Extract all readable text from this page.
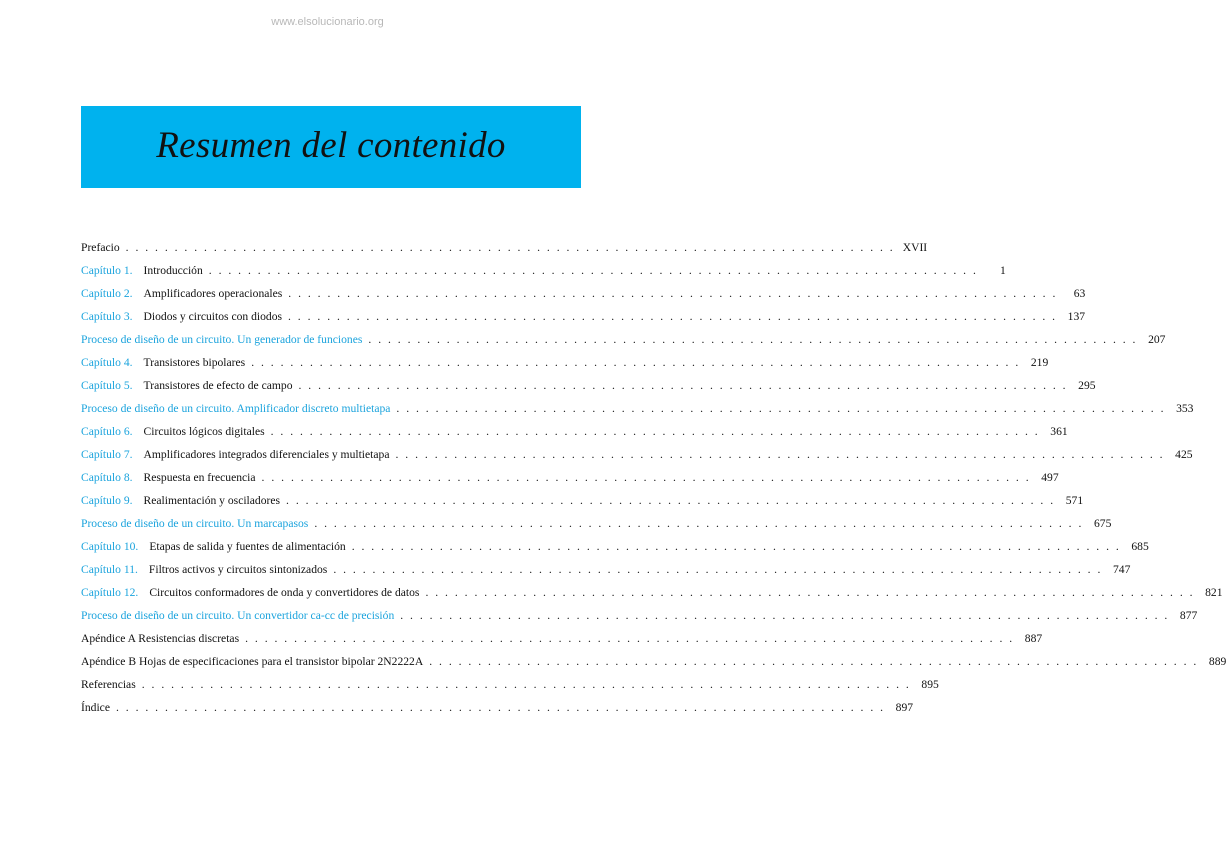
www.elsolucionario.org
Resumen del contenido
Prefacio . . . . . . . . . . . . . . . . . . . . . . . . . . . . . . . . . . . . . . . . . . . . . . . . . . . . . . . . . . . . . . . . . . . . . . . . . . . . . . . XVII
Capítulo 1. Introducción . . . . . . . . . . . . . . . . . . . . . . . . . . . . . . . . . . . . . . . . . . . . . . . . . . . . . . . . . . . . . . . . . . . . . . . . . . . . . . .	1
Capítulo 2. Amplificadores operacionales . . . . . . . . . . . . . . . . . . . . . . . . . . . . . . . . . . . . . . . . . . . . . . . . . . . . . . . . . . . . . . . . . . . . . . . . . . . . . . .	63
Capítulo 3. Diodos y circuitos con diodos . . . . . . . . . . . . . . . . . . . . . . . . . . . . . . . . . . . . . . . . . . . . . . . . . . . . . . . . . . . . . . . . . . . . . . . . . . . . . . . 137
Proceso de diseño de un circuito. Un generador de funciones . . . . . . . . . . . . . . . . . . . . . . . . . . . . . . . . . . . . . . . . . . . . . . . . . . . . . . . . . . . . . . . . . . . . . . . . . . . . . . . 207
Capítulo 4. Transistores bipolares . . . . . . . . . . . . . . . . . . . . . . . . . . . . . . . . . . . . . . . . . . . . . . . . . . . . . . . . . . . . . . . . . . . . . . . . . . . . . . . 219
Capítulo 5. Transistores de efecto de campo . . . . . . . . . . . . . . . . . . . . . . . . . . . . . . . . . . . . . . . . . . . . . . . . . . . . . . . . . . . . . . . . . . . . . . . . . . . . . . . 295
Proceso de diseño de un circuito. Amplificador discreto multietapa . . . . . . . . . . . . . . . . . . . . . . . . . . . . . . . . . . . . . . . . . . . . . . . . . . . . . . . . . . . . . . . . . . . . . . . . . . . . . . . 353
Capítulo 6. Circuitos lógicos digitales . . . . . . . . . . . . . . . . . . . . . . . . . . . . . . . . . . . . . . . . . . . . . . . . . . . . . . . . . . . . . . . . . . . . . . . . . . . . . . . 361
Capítulo 7. Amplificadores integrados diferenciales y multietapa . . . . . . . . . . . . . . . . . . . . . . . . . . . . . . . . . . . . . . . . . . . . . . . . . . . . . . . . . . . . . . . . . . . . . . . . . . . . . . . 425
Capítulo 8. Respuesta en frecuencia . . . . . . . . . . . . . . . . . . . . . . . . . . . . . . . . . . . . . . . . . . . . . . . . . . . . . . . . . . . . . . . . . . . . . . . . . . . . . . . 497
Capítulo 9. Realimentación y osciladores . . . . . . . . . . . . . . . . . . . . . . . . . . . . . . . . . . . . . . . . . . . . . . . . . . . . . . . . . . . . . . . . . . . . . . . . . . . . . . . 571
Proceso de diseño de un circuito. Un marcapasos . . . . . . . . . . . . . . . . . . . . . . . . . . . . . . . . . . . . . . . . . . . . . . . . . . . . . . . . . . . . . . . . . . . . . . . . . . . . . . . 675
Capítulo 10. Etapas de salida y fuentes de alimentación . . . . . . . . . . . . . . . . . . . . . . . . . . . . . . . . . . . . . . . . . . . . . . . . . . . . . . . . . . . . . . . . . . . . . . . . . . . . . . . 685
Capítulo 11. Filtros activos y circuitos sintonizados . . . . . . . . . . . . . . . . . . . . . . . . . . . . . . . . . . . . . . . . . . . . . . . . . . . . . . . . . . . . . . . . . . . . . . . . . . . . . . . 747
Capítulo 12. Circuitos conformadores de onda y convertidores de datos . . . . . . . . . . . . . . . . . . . . . . . . . . . . . . . . . . . . . . . . . . . . . . . . . . . . . . . . . . . . . . . . . . . . . . . . . . . . . . . 821
Proceso de diseño de un circuito. Un convertidor ca-cc de precisión . . . . . . . . . . . . . . . . . . . . . . . . . . . . . . . . . . . . . . . . . . . . . . . . . . . . . . . . . . . . . . . . . . . . . . . . . . . . . . . 877
Apéndice A Resistencias discretas . . . . . . . . . . . . . . . . . . . . . . . . . . . . . . . . . . . . . . . . . . . . . . . . . . . . . . . . . . . . . . . . . . . . . . . . . . . . . . . 887
Apéndice B Hojas de especificaciones para el transistor bipolar 2N2222A . . . . . . . . . . . . . . . . . . . . . . . . . . . . . . . . . . . . . . . . . . . . . . . . . . . . . . . . . . . . . . . . . . . . . . . . . . . . . . . 889
Referencias . . . . . . . . . . . . . . . . . . . . . . . . . . . . . . . . . . . . . . . . . . . . . . . . . . . . . . . . . . . . . . . . . . . . . . . . . . . . . . . 895
Índice . . . . . . . . . . . . . . . . . . . . . . . . . . . . . . . . . . . . . . . . . . . . . . . . . . . . . . . . . . . . . . . . . . . . . . . . . . . . . . . 897
